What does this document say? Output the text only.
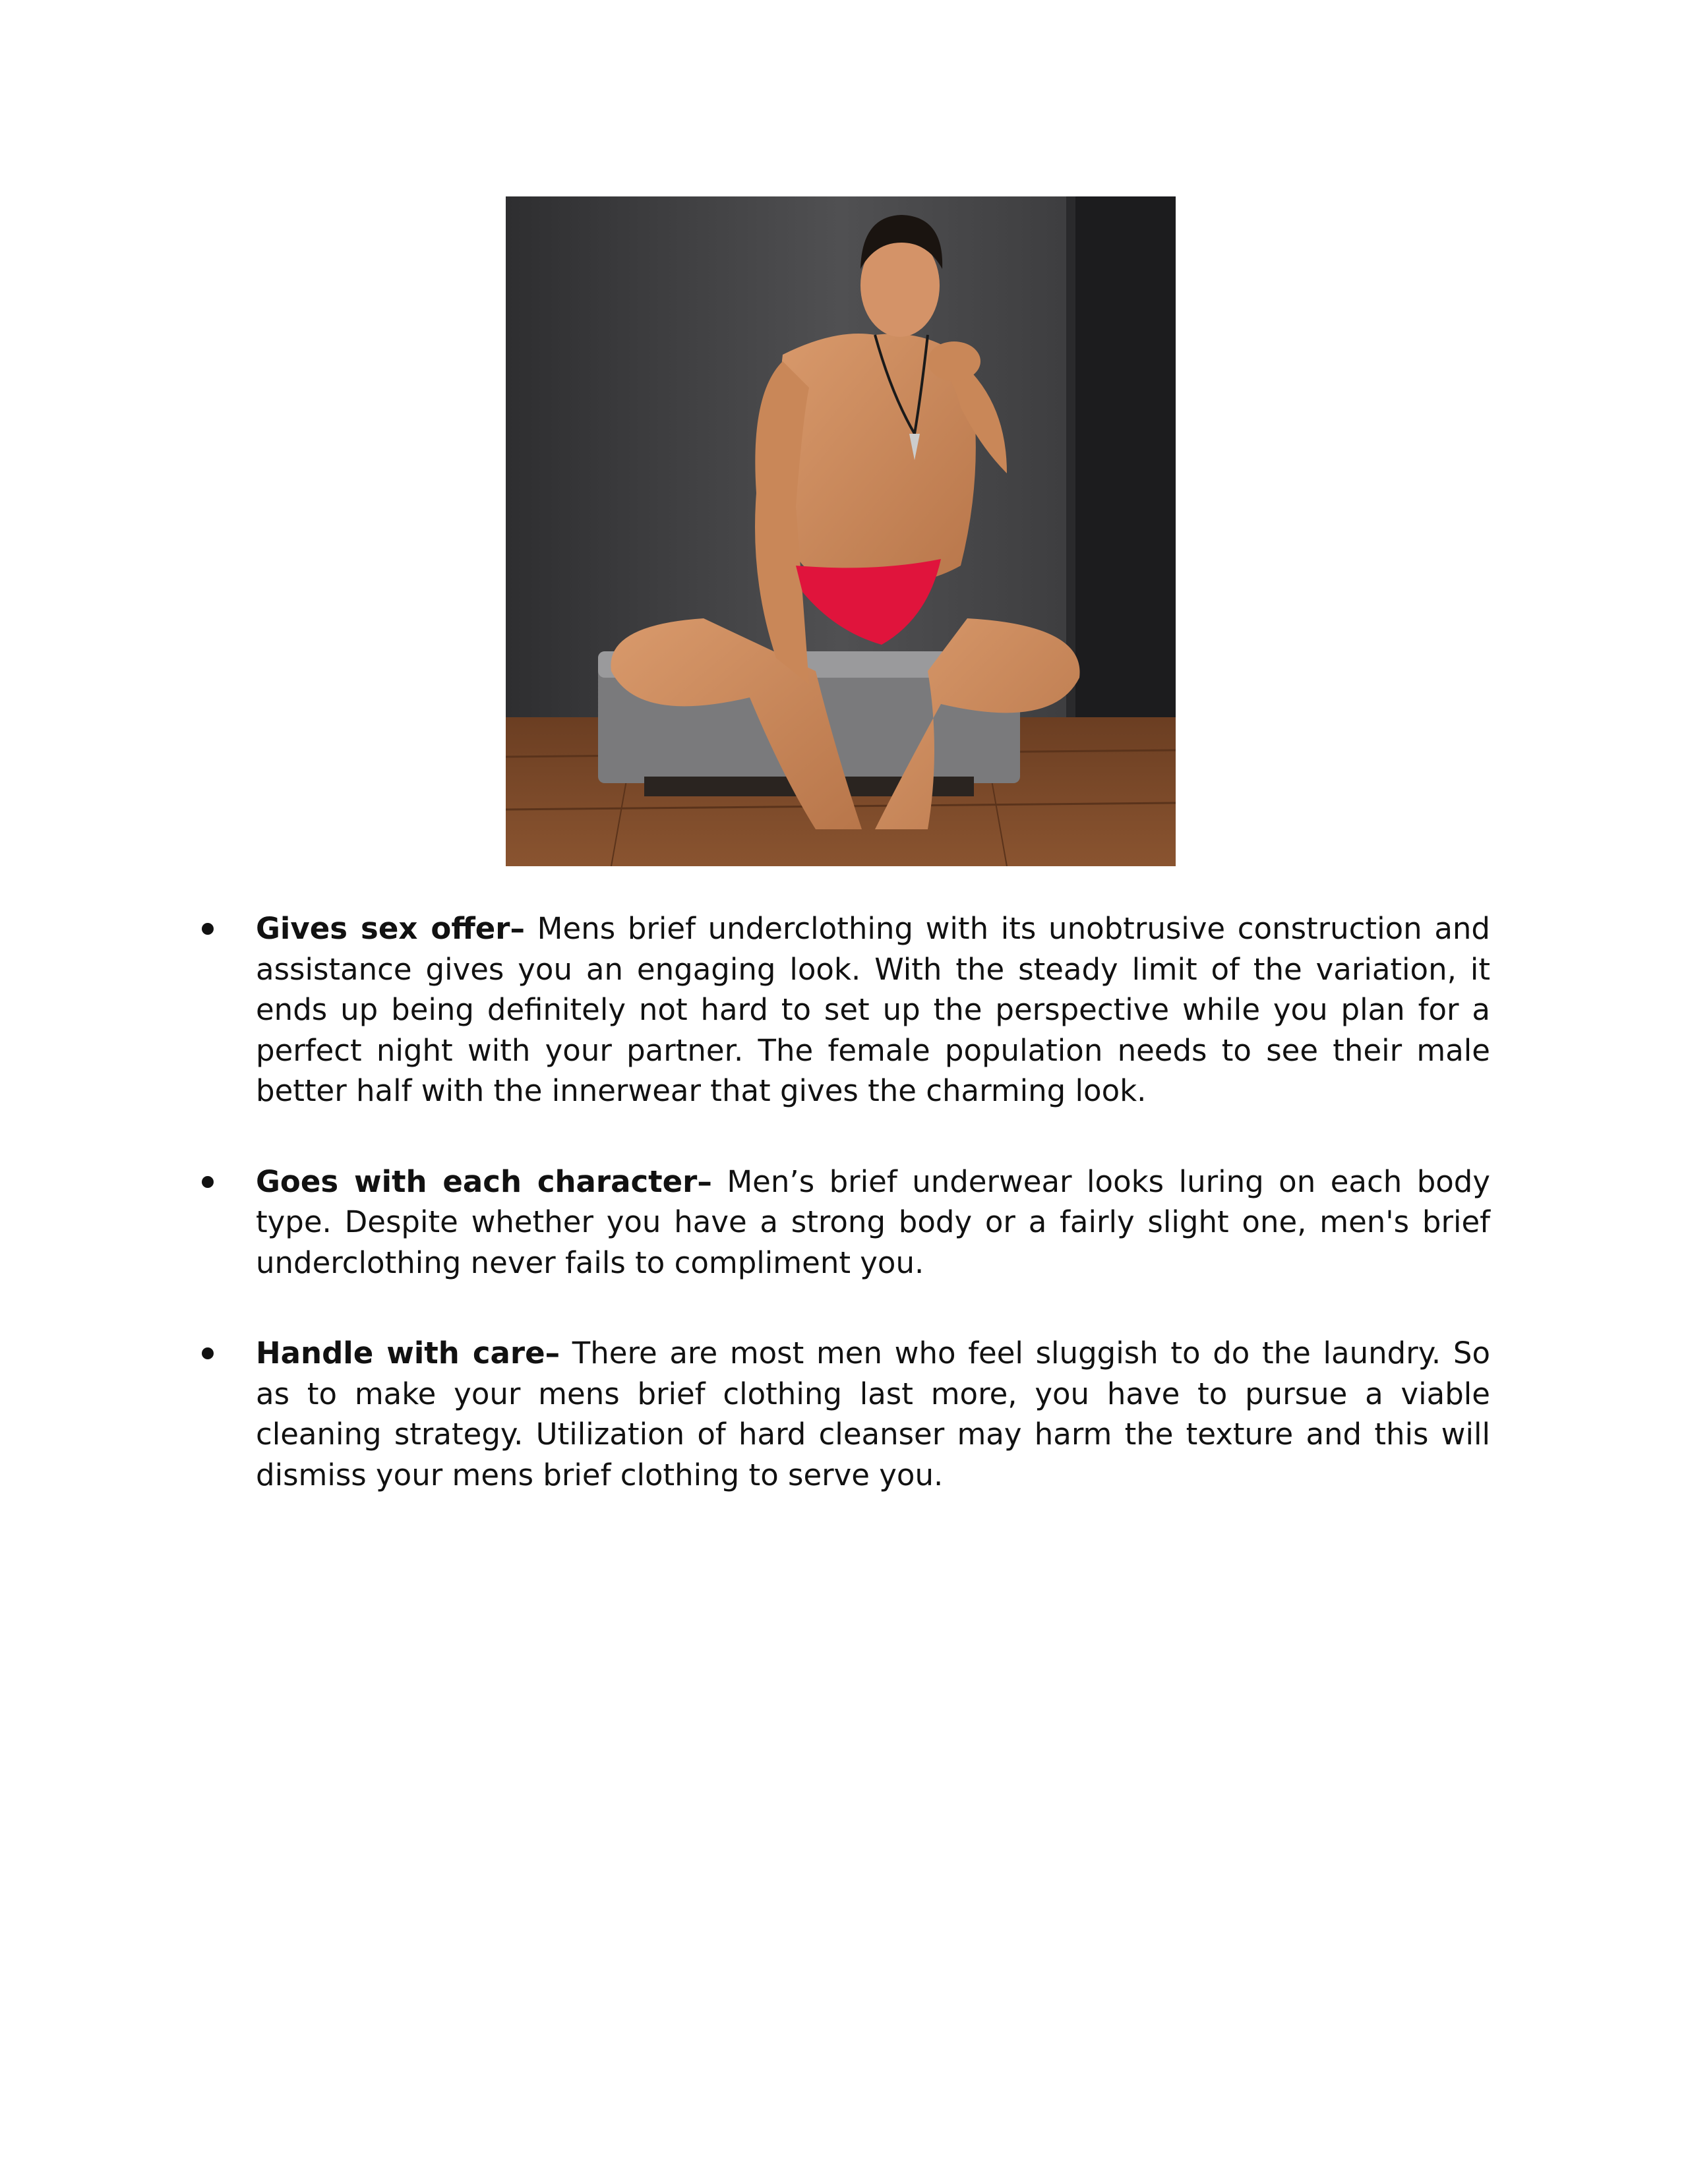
Gives sex offer– Mens brief underclothing with its unobtrusive construction and assistance gives you an engaging look. With the steady limit of the variation, it ends up being definitely not hard to set up the perspective while you plan for a perfect night with your partner. The female population needs to see their male better half with the innerwear that gives the charming look.
Goes with each character– Men’s brief underwear looks luring on each body type. Despite whether you have a strong body or a fairly slight one, men's brief underclothing never fails to compliment you.
Handle with care– There are most men who feel sluggish to do the laundry. So as to make your mens brief clothing last more, you have to pursue a viable cleaning strategy. Utilization of hard cleanser may harm the texture and this will dismiss your mens brief clothing to serve you.
